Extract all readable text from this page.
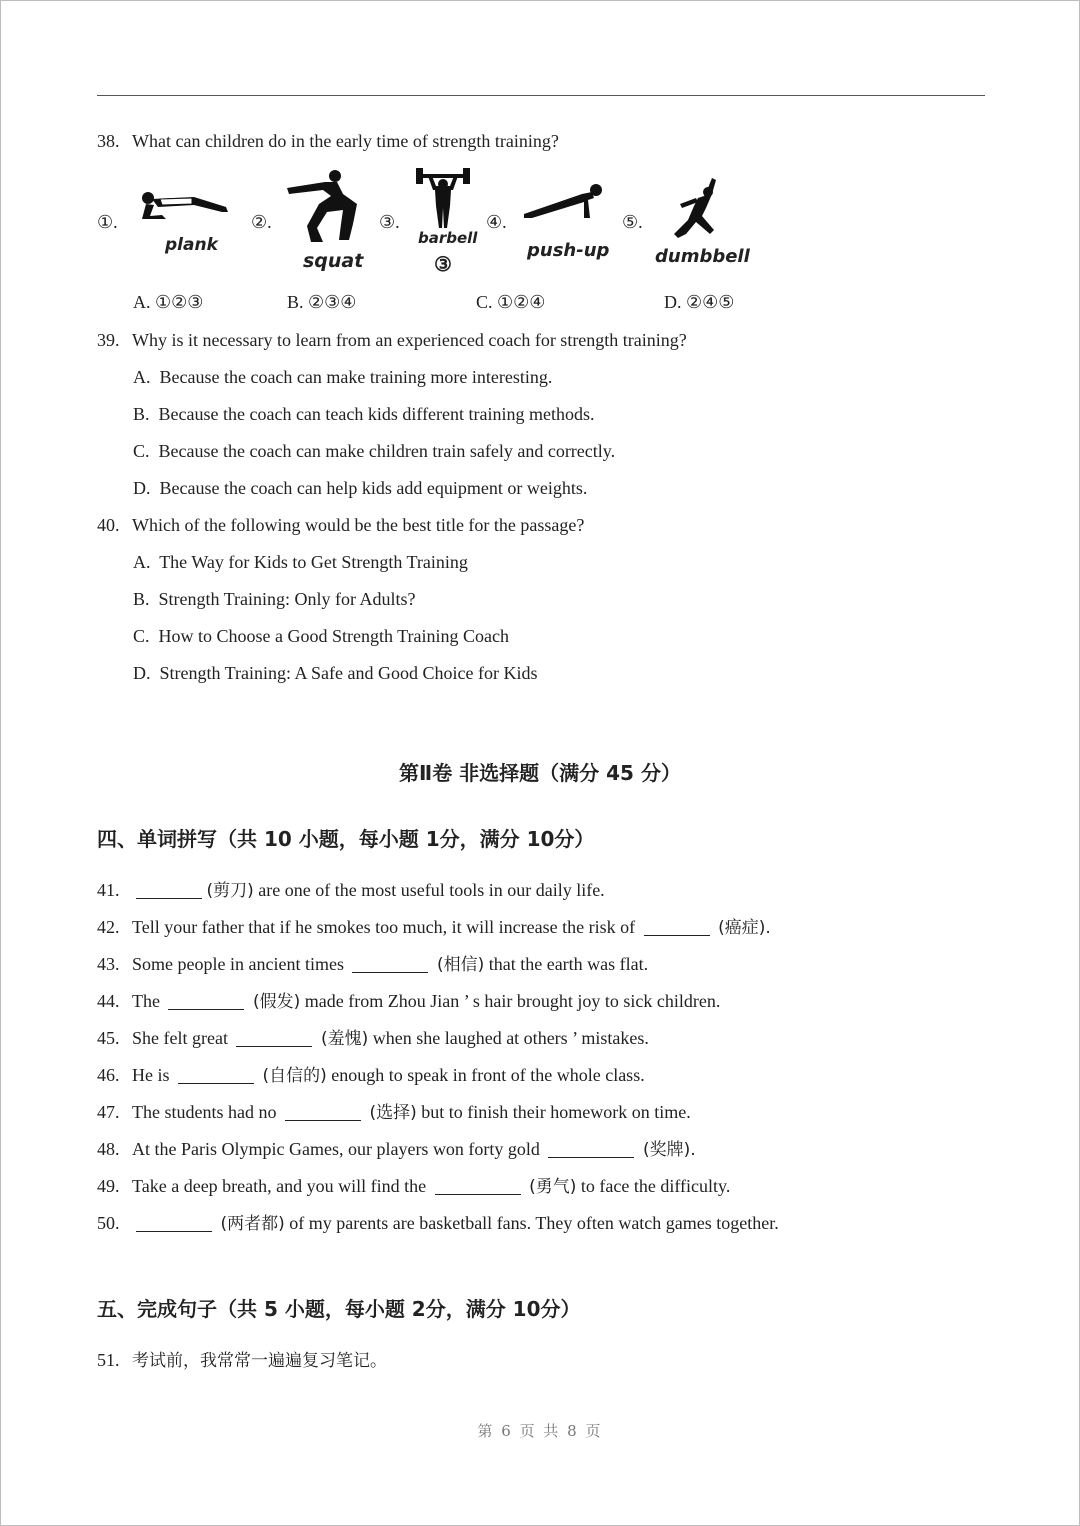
38. What can children do in the early time of strength training?
①.
plank
②.
squat
③.
barbell
③
④.
push-up
⑤.
dumbbell
A. ①②③	B. ②③④	C. ①②④	D. ②④⑤
39. Why is it necessary to learn from an experienced coach for strength training?
A. Because the coach can make training more interesting.
B. Because the coach can teach kids different training methods.
C. Because the coach can make children train safely and correctly.
D. Because the coach can help kids add equipment or weights.
40. Which of the following would be the best title for the passage?
A. The Way for Kids to Get Strength Training
B. Strength Training: Only for Adults?
C. How to Choose a Good Strength Training Coach
D. Strength Training: A Safe and Good Choice for Kids
第Ⅱ卷 非选择题（满分 45 分）
四、单词拼写（共 10 小题，每小题 1分，满分 10分）
41.	(剪刀) are one of the most useful tools in our daily life.
42. Tell your father that if he smokes too much, it will increase the risk of	(癌症).
43. Some people in ancient times	(相信) that the earth was flat.
44. The	(假发) made from Zhou Jian ’ s hair brought joy to sick children.
45. She felt great	(羞愧) when she laughed at others ’ mistakes.
46. He is	(自信的) enough to speak in front of the whole class.
47. The students had no	(选择) but to finish their homework on time.
48. At the Paris Olympic Games, our players won forty gold	(奖牌).
49. Take a deep breath, and you will find the	(勇气) to face the difficulty.
50.	(两者都) of my parents are basketball fans. They often watch games together.
五、完成句子（共 5 小题，每小题 2分，满分 10分）
51. 考试前，我常常一遍遍复习笔记。
第 6 页 共 8 页
